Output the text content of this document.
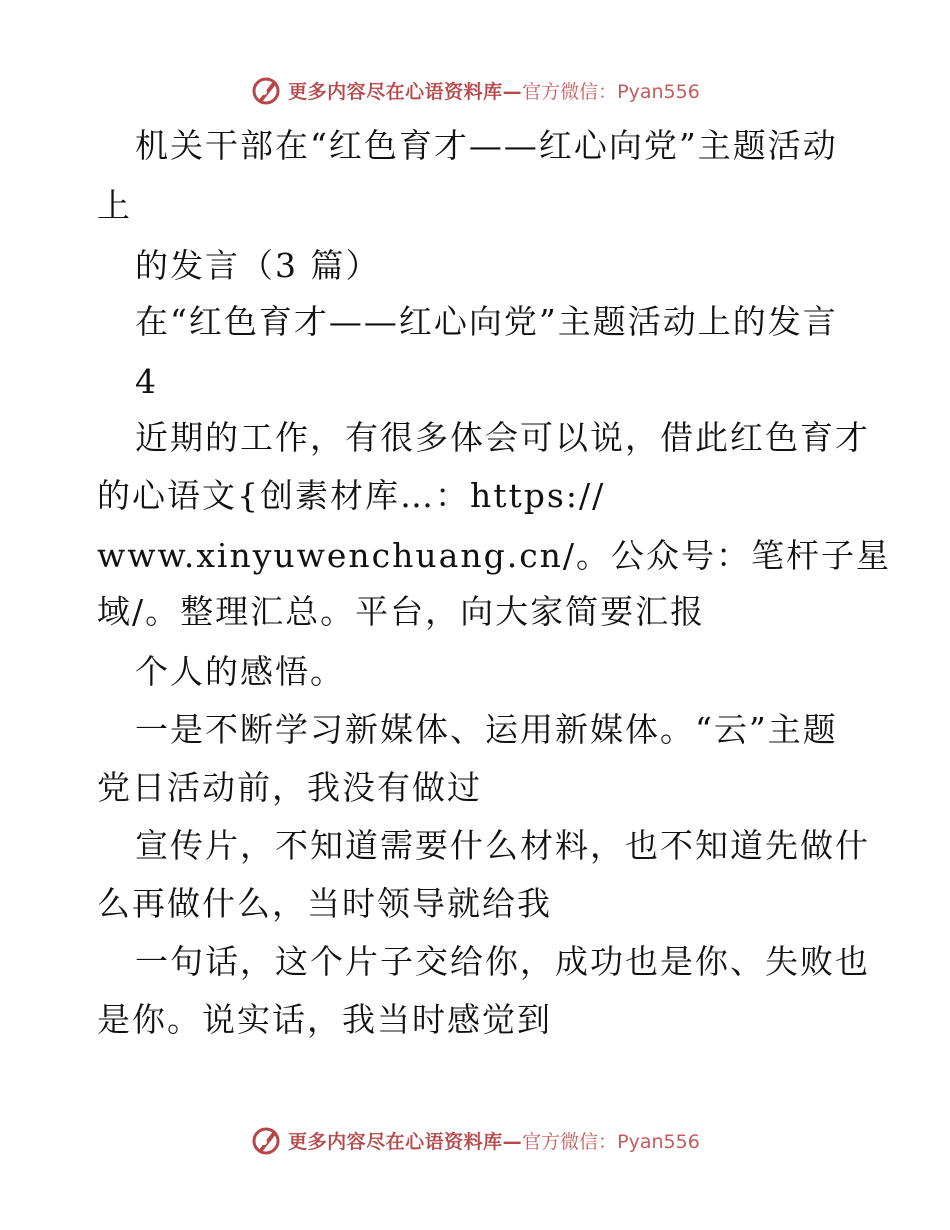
更多内容尽在心语资料库— 官方微信：Pyan556
机关干部在“红色育才——红心向党”主题活动
上
的发言（3 篇）
在“红色育才——红心向党”主题活动上的发言
4
近期的工作，有很多体会可以说，借此红色育才
的心语文{创素材库…：https://
www.xinyuwenchuang.cn/。公众号：笔杆子星
域/。整理汇总。平台，向大家简要汇报
个人的感悟。
一是不断学习新媒体、运用新媒体。“云”主题
党日活动前，我没有做过
宣传片，不知道需要什么材料，也不知道先做什
么再做什么，当时领导就给我
一句话，这个片子交给你，成功也是你、失败也
是你。说实话，我当时感觉到
更多内容尽在心语资料库— 官方微信：Pyan556
